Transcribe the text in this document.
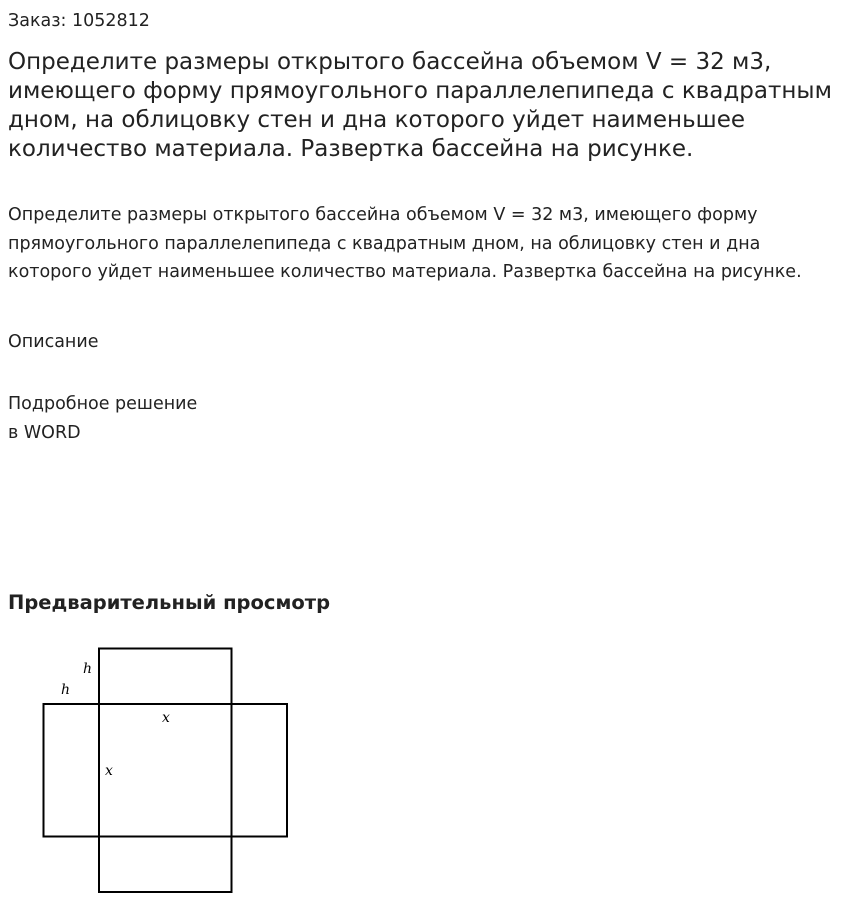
Заказ: 1052812
Определите размеры открытого бассейна объемом V = 32 м3, имеющего форму прямоугольного параллелепипеда с квадратным дном, на облицовку стен и дна которого уйдет наименьшее количество материала. Развертка бассейна на рисунке.
Определите размеры открытого бассейна объемом V = 32 м3, имеющего форму прямоугольного параллелепипеда с квадратным дном, на облицовку стен и дна которого уйдет наименьшее количество материала. Развертка бассейна на рисунке.
Описание
Подробное решение
в WORD
Предварительный просмотр
h
h
x
x
